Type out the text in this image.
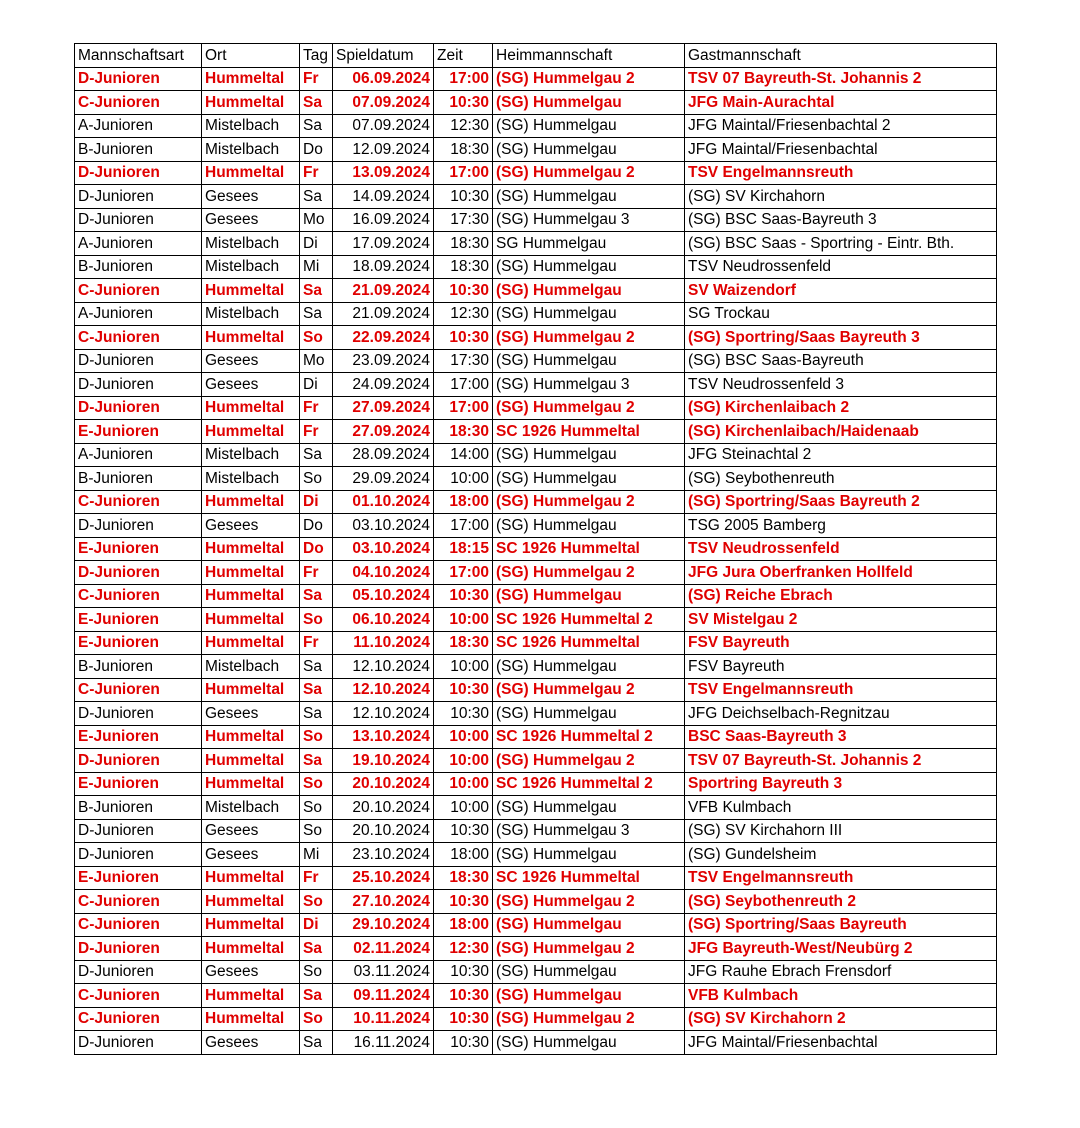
Mannschaftsart	Ort	Tag	Spieldatum	Zeit	Heimmannschaft	Gastmannschaft
D-Junioren	Hummeltal	Fr	06.09.2024	17:00	(SG) Hummelgau 2	TSV 07 Bayreuth-St. Johannis 2
C-Junioren	Hummeltal	Sa	07.09.2024	10:30	(SG) Hummelgau	JFG Main-Aurachtal
A-Junioren	Mistelbach	Sa	07.09.2024	12:30	(SG) Hummelgau	JFG Maintal/Friesenbachtal 2
B-Junioren	Mistelbach	Do	12.09.2024	18:30	(SG) Hummelgau	JFG Maintal/Friesenbachtal
D-Junioren	Hummeltal	Fr	13.09.2024	17:00	(SG) Hummelgau 2	TSV Engelmannsreuth
D-Junioren	Gesees	Sa	14.09.2024	10:30	(SG) Hummelgau	(SG) SV Kirchahorn
D-Junioren	Gesees	Mo	16.09.2024	17:30	(SG) Hummelgau 3	(SG) BSC Saas-Bayreuth 3
A-Junioren	Mistelbach	Di	17.09.2024	18:30	SG Hummelgau	(SG) BSC Saas - Sportring - Eintr. Bth.
B-Junioren	Mistelbach	Mi	18.09.2024	18:30	(SG) Hummelgau	TSV Neudrossenfeld
C-Junioren	Hummeltal	Sa	21.09.2024	10:30	(SG) Hummelgau	SV Waizendorf
A-Junioren	Mistelbach	Sa	21.09.2024	12:30	(SG) Hummelgau	SG Trockau
C-Junioren	Hummeltal	So	22.09.2024	10:30	(SG) Hummelgau 2	(SG) Sportring/Saas Bayreuth 3
D-Junioren	Gesees	Mo	23.09.2024	17:30	(SG) Hummelgau	(SG) BSC Saas-Bayreuth
D-Junioren	Gesees	Di	24.09.2024	17:00	(SG) Hummelgau 3	TSV Neudrossenfeld 3
D-Junioren	Hummeltal	Fr	27.09.2024	17:00	(SG) Hummelgau 2	(SG) Kirchenlaibach 2
E-Junioren	Hummeltal	Fr	27.09.2024	18:30	SC 1926 Hummeltal	(SG) Kirchenlaibach/Haidenaab
A-Junioren	Mistelbach	Sa	28.09.2024	14:00	(SG) Hummelgau	JFG Steinachtal 2
B-Junioren	Mistelbach	So	29.09.2024	10:00	(SG) Hummelgau	(SG) Seybothenreuth
C-Junioren	Hummeltal	Di	01.10.2024	18:00	(SG) Hummelgau 2	(SG) Sportring/Saas Bayreuth 2
D-Junioren	Gesees	Do	03.10.2024	17:00	(SG) Hummelgau	TSG 2005 Bamberg
E-Junioren	Hummeltal	Do	03.10.2024	18:15	SC 1926 Hummeltal	TSV Neudrossenfeld
D-Junioren	Hummeltal	Fr	04.10.2024	17:00	(SG) Hummelgau 2	JFG Jura Oberfranken Hollfeld
C-Junioren	Hummeltal	Sa	05.10.2024	10:30	(SG) Hummelgau	(SG) Reiche Ebrach
E-Junioren	Hummeltal	So	06.10.2024	10:00	SC 1926 Hummeltal 2	SV Mistelgau 2
E-Junioren	Hummeltal	Fr	11.10.2024	18:30	SC 1926 Hummeltal	FSV Bayreuth
B-Junioren	Mistelbach	Sa	12.10.2024	10:00	(SG) Hummelgau	FSV Bayreuth
C-Junioren	Hummeltal	Sa	12.10.2024	10:30	(SG) Hummelgau 2	TSV Engelmannsreuth
D-Junioren	Gesees	Sa	12.10.2024	10:30	(SG) Hummelgau	JFG Deichselbach-Regnitzau
E-Junioren	Hummeltal	So	13.10.2024	10:00	SC 1926 Hummeltal 2	BSC Saas-Bayreuth 3
D-Junioren	Hummeltal	Sa	19.10.2024	10:00	(SG) Hummelgau 2	TSV 07 Bayreuth-St. Johannis 2
E-Junioren	Hummeltal	So	20.10.2024	10:00	SC 1926 Hummeltal 2	Sportring Bayreuth 3
B-Junioren	Mistelbach	So	20.10.2024	10:00	(SG) Hummelgau	VFB Kulmbach
D-Junioren	Gesees	So	20.10.2024	10:30	(SG) Hummelgau 3	(SG) SV Kirchahorn III
D-Junioren	Gesees	Mi	23.10.2024	18:00	(SG) Hummelgau	(SG) Gundelsheim
E-Junioren	Hummeltal	Fr	25.10.2024	18:30	SC 1926 Hummeltal	TSV Engelmannsreuth
C-Junioren	Hummeltal	So	27.10.2024	10:30	(SG) Hummelgau 2	(SG) Seybothenreuth 2
C-Junioren	Hummeltal	Di	29.10.2024	18:00	(SG) Hummelgau	(SG) Sportring/Saas Bayreuth
D-Junioren	Hummeltal	Sa	02.11.2024	12:30	(SG) Hummelgau 2	JFG Bayreuth-West/Neubürg 2
D-Junioren	Gesees	So	03.11.2024	10:30	(SG) Hummelgau	JFG Rauhe Ebrach Frensdorf
C-Junioren	Hummeltal	Sa	09.11.2024	10:30	(SG) Hummelgau	VFB Kulmbach
C-Junioren	Hummeltal	So	10.11.2024	10:30	(SG) Hummelgau 2	(SG) SV Kirchahorn 2
D-Junioren	Gesees	Sa	16.11.2024	10:30	(SG) Hummelgau	JFG Maintal/Friesenbachtal
